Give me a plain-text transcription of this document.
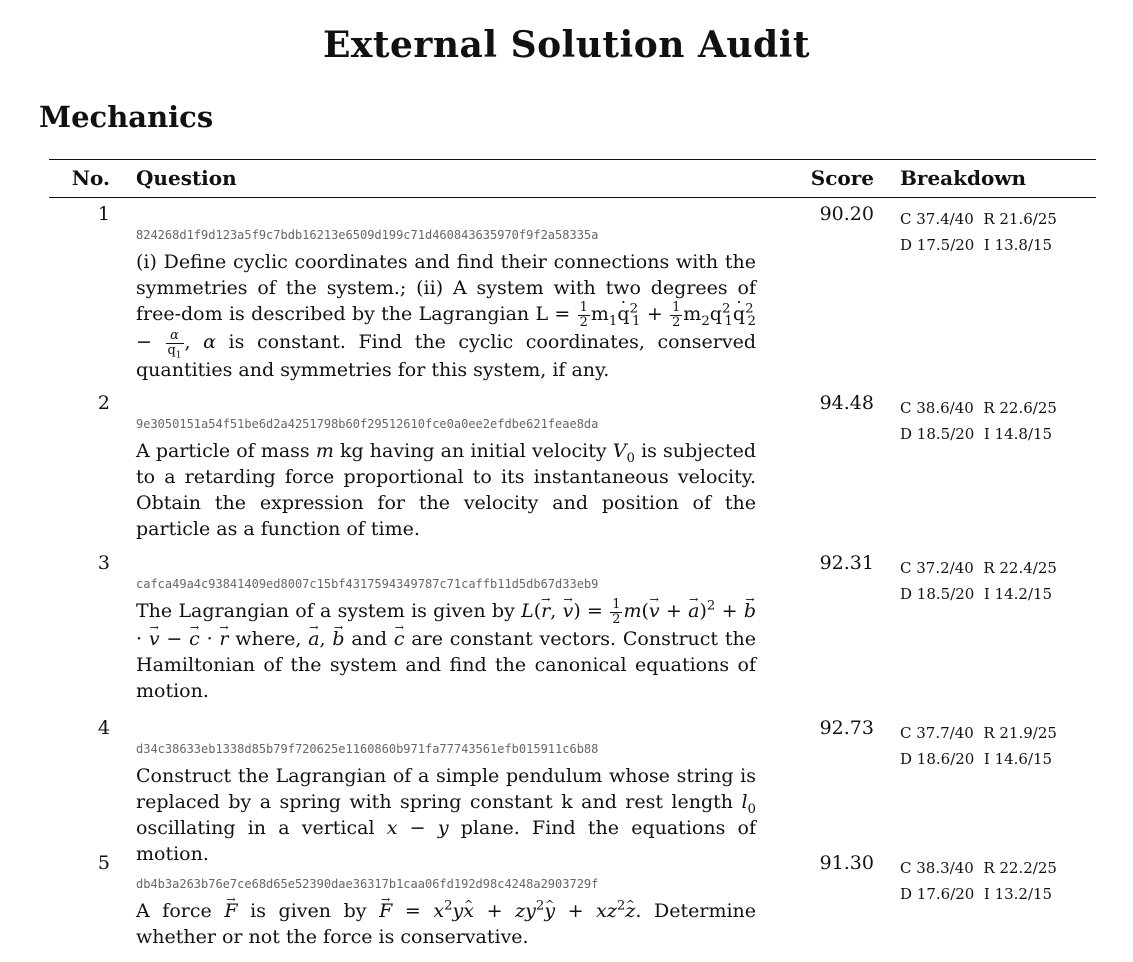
External Solution Audit
Mechanics
No. Question	Score Breakdown
1
824268d1f9d123a5f9c7bdb16213e6509d199c71d460843635970f9f2a58335a
(i) Define cyclic coordinates and find their connections with the symmetries of the system.; (ii) A system with two degrees of free-dom is described by the Lagrangian $L = \frac{1}{2} m_1$. $q^2_1 + \frac{1}{2} m_2q^2_1$. $q^2_2 - \frac{\alpha}{q_1}$ , α is constant. Find the cyclic coordinates, conserved quantities and symmetries for this system, if any.
90.20 C 37.4/40  R 21.6/25
D 17.5/20  I 13.8/15
2
9e3050151a54f51be6d2a4251798b60f29512610fce0a0ee2efdbe621feae8da
A particle of mass m kg having an initial velocity $V_0$ is subjected to a retarding force proportional to its instantaneous velocity. Obtain the expression for the velocity and position of the particle as a function of time.
94.48 C 38.6/40  R 22.6/25
D 18.5/20  I 14.8/15
3
cafca49a4c93841409ed8007c15bf4317594349787c71caffb11d5db67d33eb9
The Lagrangian of a system is given by L(→ r, → $v) = \frac{1}{2} m(\to v$ + → a)$^2$ + → b · → v − → c · → r where, → a, → b and → c are constant vectors. Construct the Hamiltonian of the system and find the canonical equations of motion.
92.31 C 37.2/40  R 22.4/25
D 18.5/20  I 14.2/15
4
d34c38633eb1338d85b79f720625e1160860b971fa77743561efb015911c6b88
Construct the Lagrangian of a simple pendulum whose string is replaced by a spring with spring constant k and rest length $l_0$ oscillating in a vertical x − y plane. Find the equations of motion.
92.73 C 37.7/40  R 21.9/25
D 18.6/20  I 14.6/15
5
db4b3a263b76e7ce68d65e52390dae36317b1caa06fd192d98c4248a2903729f
A force → F is given by → $F = x^2y\^{}$ $x + zy^2\^{}$ $y + xz^2\^{}$ z. Determine whether or not the force is conservative.
91.30 C 38.3/40  R 22.2/25
D 17.6/20  I 13.2/15
